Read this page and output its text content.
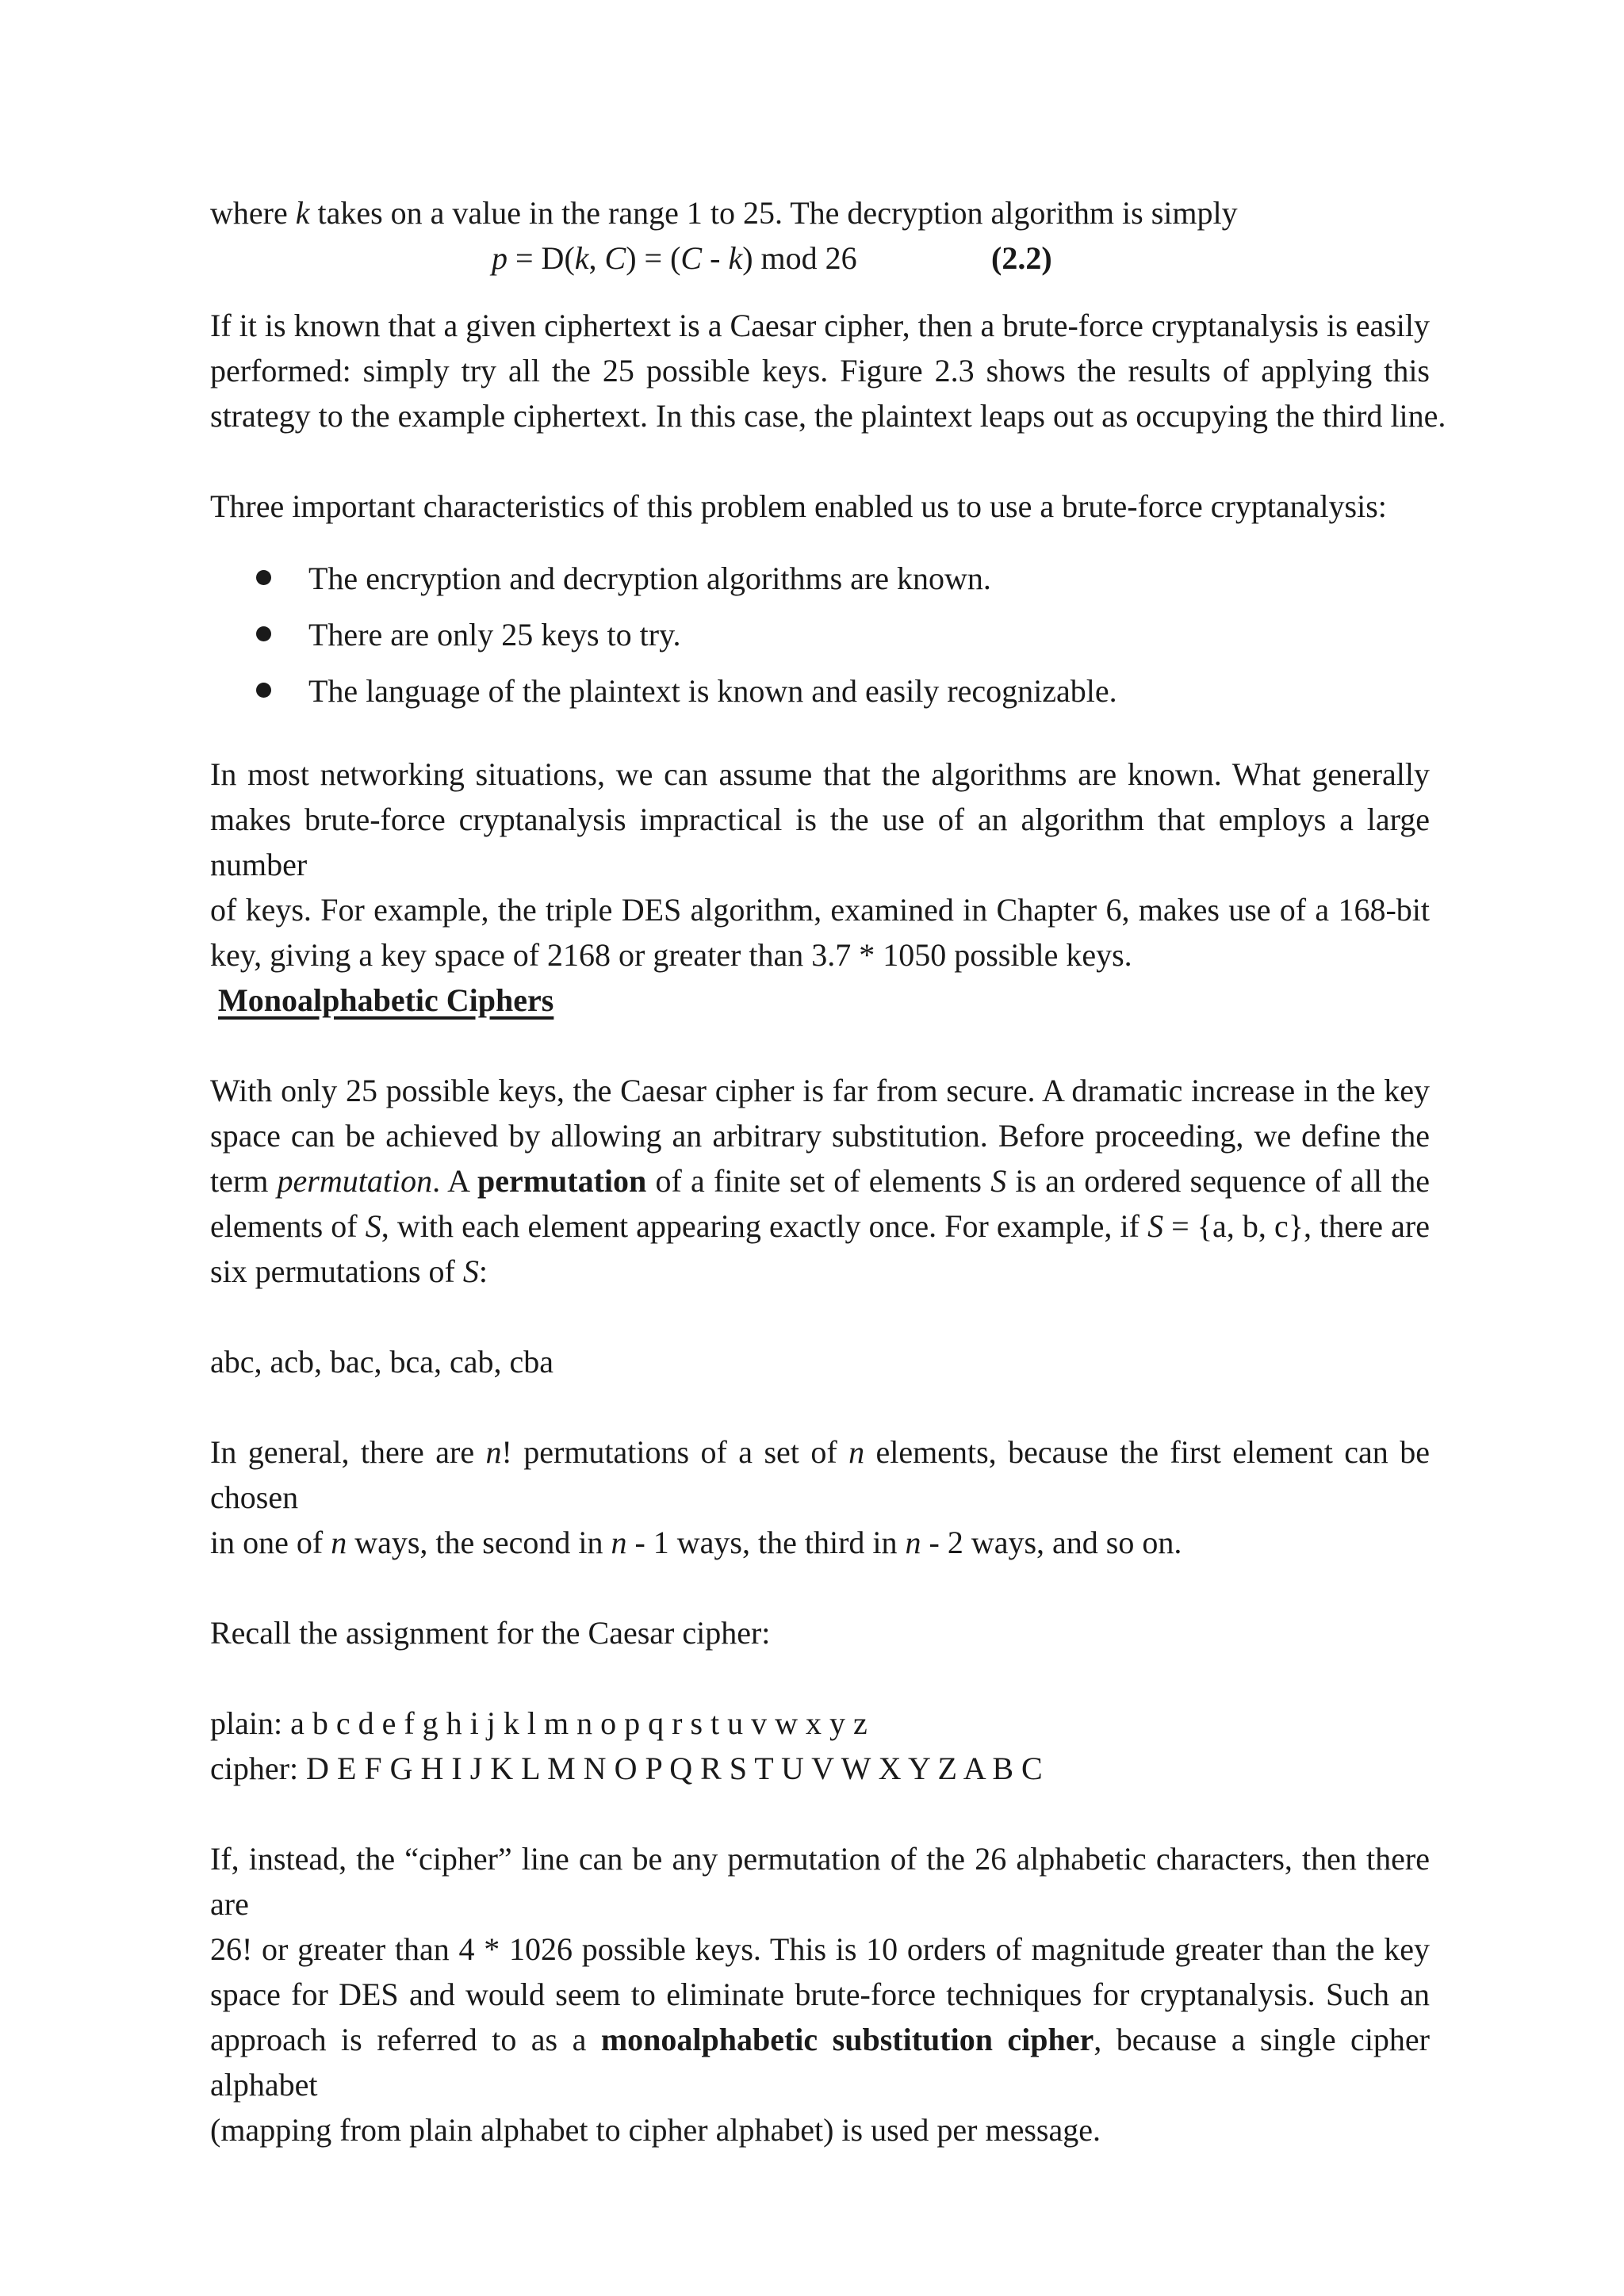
where k takes on a value in the range 1 to 25. The decryption algorithm is simply
p = D(k, C) = (C - k) mod 26	(2.2)
If it is known that a given ciphertext is a Caesar cipher, then a brute-force cryptanalysis is easily
performed: simply try all the 25 possible keys. Figure 2.3 shows the results of applying this
strategy to the example ciphertext. In this case, the plaintext leaps out as occupying the third line.
Three important characteristics of this problem enabled us to use a brute-force cryptanalysis:
The encryption and decryption algorithms are known.
There are only 25 keys to try.
The language of the plaintext is known and easily recognizable.
In most networking situations, we can assume that the algorithms are known. What generally
makes brute-force cryptanalysis impractical is the use of an algorithm that employs a large number
of keys. For example, the triple DES algorithm, examined in Chapter 6, makes use of a 168-bit
key, giving a key space of 2168 or greater than 3.7 * 1050 possible keys.
Monoalphabetic Ciphers
With only 25 possible keys, the Caesar cipher is far from secure. A dramatic increase in the key
space can be achieved by allowing an arbitrary substitution. Before proceeding, we define the
term permutation. A permutation of a finite set of elements S is an ordered sequence of all the
elements of S, with each element appearing exactly once. For example, if S = {a, b, c}, there are
six permutations of S:
abc, acb, bac, bca, cab, cba
In general, there are n! permutations of a set of n elements, because the first element can be chosen
in one of n ways, the second in n - 1 ways, the third in n - 2 ways, and so on.
Recall the assignment for the Caesar cipher:
plain: a b c d e f g h i j k l m n o p q r s t u v w x y z
cipher: D E F G H I J K L M N O P Q R S T U V W X Y Z A B C
If, instead, the “cipher” line can be any permutation of the 26 alphabetic characters, then there are
26! or greater than 4 * 1026 possible keys. This is 10 orders of magnitude greater than the key
space for DES and would seem to eliminate brute-force techniques for cryptanalysis. Such an
approach is referred to as a monoalphabetic substitution cipher, because a single cipher alphabet
(mapping from plain alphabet to cipher alphabet) is used per message.
